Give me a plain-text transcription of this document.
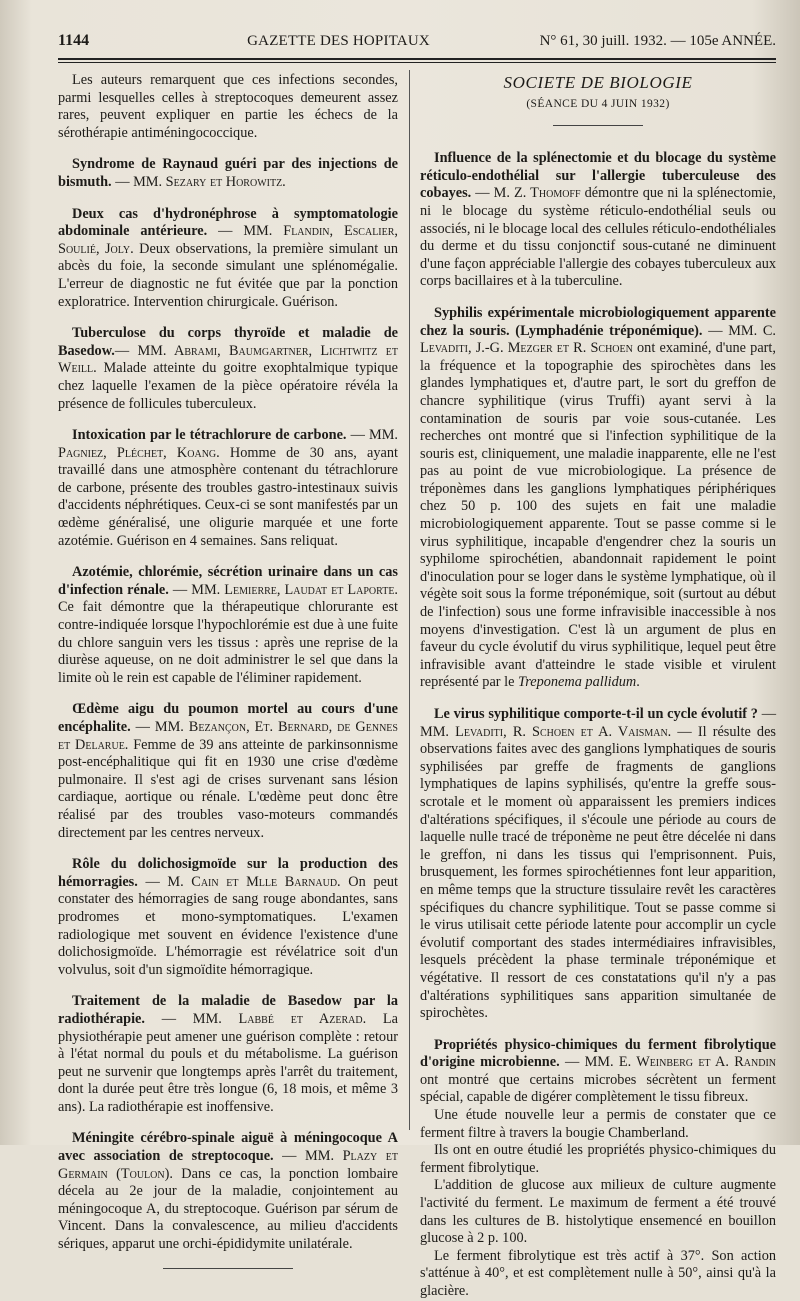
1144	GAZETTE DES HOPITAUX	N° 61, 30 juill. 1932. — 105e ANNÉE.

Les auteurs remarquent que ces infections secondes, parmi lesquelles celles à streptocoques demeurent assez rares, peuvent expliquer en partie les échecs de la sérothérapie antiméningococcique.

Syndrome de Raynaud guéri par des injections de bismuth. — MM. Sezary et Horowitz.

Deux cas d'hydronéphrose à symptomatologie abdominale antérieure. — MM. Flandin, Escalier, Soulié, Joly. Deux observations, la première simulant un abcès du foie, la seconde simulant une splénomégalie. L'erreur de diagnostic ne fut évitée que par la ponction exploratrice. Intervention chirurgicale. Guérison.

Tuberculose du corps thyroïde et maladie de Basedow.— MM. Abrami, Baumgartner, Lichtwitz et Weill. Malade atteinte du goitre exophtalmique typique chez laquelle l'examen de la pièce opératoire révéla la présence de follicules tuberculeux.

Intoxication par le tétrachlorure de carbone. — MM. Pagniez, Pléchet, Koang. Homme de 30 ans, ayant travaillé dans une atmosphère contenant du tétrachlorure de carbone, présente des troubles gastro-intestinaux suivis d'accidents néphrétiques. Ceux-ci se sont manifestés par un œdème généralisé, une oligurie marquée et une forte azotémie. Guérison en 4 semaines. Sans reliquat.

Azotémie, chlorémie, sécrétion urinaire dans un cas d'infection rénale. — MM. Lemierre, Laudat et Laporte. Ce fait démontre que la thérapeutique chlorurante est contre-indiquée lorsque l'hypochlorémie est due à une fuite du chlore sanguin vers les tissus : après une reprise de la diurèse aqueuse, on ne doit administrer le sel que dans la limite où le rein est capable de l'éliminer rapidement.

Œdème aigu du poumon mortel au cours d'une encéphalite. — MM. Bezançon, Et. Bernard, de Gennes et Delarue. Femme de 39 ans atteinte de parkinsonnisme post-encéphalitique qui fit en 1930 une crise d'œdème pulmonaire. Il s'est agi de crises survenant sans lésion cardiaque, aortique ou rénale. L'œdème peut donc être réalisé par des troubles vaso-moteurs commandés directement par les centres nerveux.

Rôle du dolichosigmoïde sur la production des hémorragies. — M. Cain et Mlle Barnaud. On peut constater des hémorragies de sang rouge abondantes, sans prodromes et mono-symptomatiques. L'examen radiologique met souvent en évidence l'existence d'une dolichosigmoïde. L'hémorragie est révélatrice soit d'un volvulus, soit d'un sigmoïdite hémorragique.

Traitement de la maladie de Basedow par la radiothérapie. — MM. Labbé et Azerad. La physiothérapie peut amener une guérison complète : retour à l'état normal du pouls et du métabolisme. La guérison peut ne survenir que longtemps après l'arrêt du traitement, dont la durée peut être très longue (6, 18 mois, et même 3 ans). La radiothérapie est inoffensive.

Méningite cérébro-spinale aiguë à méningocoque A avec association de streptocoque. — MM. Plazy et Germain (Toulon). Dans ce cas, la ponction lombaire décela au 2e jour de la maladie, conjointement au méningocoque A, du streptocoque. Guérison par sérum de Vincent. Dans la convalescence, au milieu d'accidents sériques, apparut une orchi-épididymite unilatérale.

SOCIETE DE BIOLOGIE
(SÉANCE DU 4 JUIN 1932)

Influence de la splénectomie et du blocage du système réticulo-endothélial sur l'allergie tuberculeuse des cobayes. — M. Z. Thomoff démontre que ni la splénectomie, ni le blocage du système réticulo-endothélial seuls ou associés, ni le blocage local des cellules réticulo-endothéliales du derme et du tissu conjonctif sous-cutané ne diminuent d'une façon appréciable l'allergie des cobayes tuberculeux aux corps bacillaires et à la tuberculine.

Syphilis expérimentale microbiologiquement apparente chez la souris. (Lymphadénie tréponémique). — MM. C. Levaditi, J.-G. Mezger et R. Schoen ont examiné, d'une part, la fréquence et la topographie des spirochètes dans les glandes lymphatiques et, d'autre part, le sort du greffon de chancre syphilitique (virus Truffi) ayant servi à la contamination de souris par voie sous-cutanée. Les recherches ont montré que si l'infection syphilitique de la souris est, cliniquement, une maladie inapparente, elle ne l'est pas au point de vue microbiologique. La présence de tréponèmes dans les ganglions lymphatiques périphériques chez 50 p. 100 des sujets en fait une maladie microbiologiquement apparente. Tout se passe comme si le virus syphilitique, incapable d'engendrer chez la souris un syphilome spirochétien, abandonnait rapidement le point d'inoculation pour se loger dans le système lymphatique, où il végète soit sous la forme tréponémique, soit (surtout au début de l'infection) sous une forme infravisible inaccessible à nos moyens d'investigation. C'est là un argument de plus en faveur du cycle évolutif du virus syphilitique, lequel peut être infravisible avant d'atteindre le stade visible et virulent représenté par le Treponema pallidum.

Le virus syphilitique comporte-t-il un cycle évolutif ? — MM. Levaditi, R. Schoen et A. Vaisman. — Il résulte des observations faites avec des ganglions lymphatiques de souris syphilisées par greffe de fragments de ganglions lymphatiques de lapins syphilisés, qu'entre la greffe sous-scrotale et le moment où apparaissent les premiers indices d'altérations spécifiques, il s'écoule une période au cours de laquelle nulle tracé de tréponème ne peut être décelée ni dans le greffon, ni dans les tissus qui l'emprisonnent. Puis, brusquement, les formes spirochétiennes font leur apparition, en même temps que la structure tissulaire revêt les caractères spécifiques du chancre syphilitique. Tout se passe comme si le virus utilisait cette période latente pour accomplir un cycle évolutif comportant des stades intermédiaires infravisibles, lesquels précèdent la phase terminale tréponémique et végétative. Il ressort de ces constatations qu'il n'y a pas d'altérations syphilitiques sans apparition simultanée de spirochètes.

Propriétés physico-chimiques du ferment fibrolytique d'origine microbienne. — MM. E. Weinberg et A. Randin ont montré que certains microbes sécrètent un ferment spécial, capable de digérer complètement le tissu fibreux.

Une étude nouvelle leur a permis de constater que ce ferment filtre à travers la bougie Chamberland.

Ils ont en outre étudié les propriétés physico-chimiques du ferment fibrolytique.

L'addition de glucose aux milieux de culture augmente l'activité du ferment. Le maximum de ferment a été trouvé dans les cultures de B. histolytique ensemencé en bouillon glucose à 2 p. 100.

Le ferment fibrolytique est très actif à 37°. Son action s'atténue à 40°, et est complètement nulle à 50°, ainsi qu'à la glacière.
